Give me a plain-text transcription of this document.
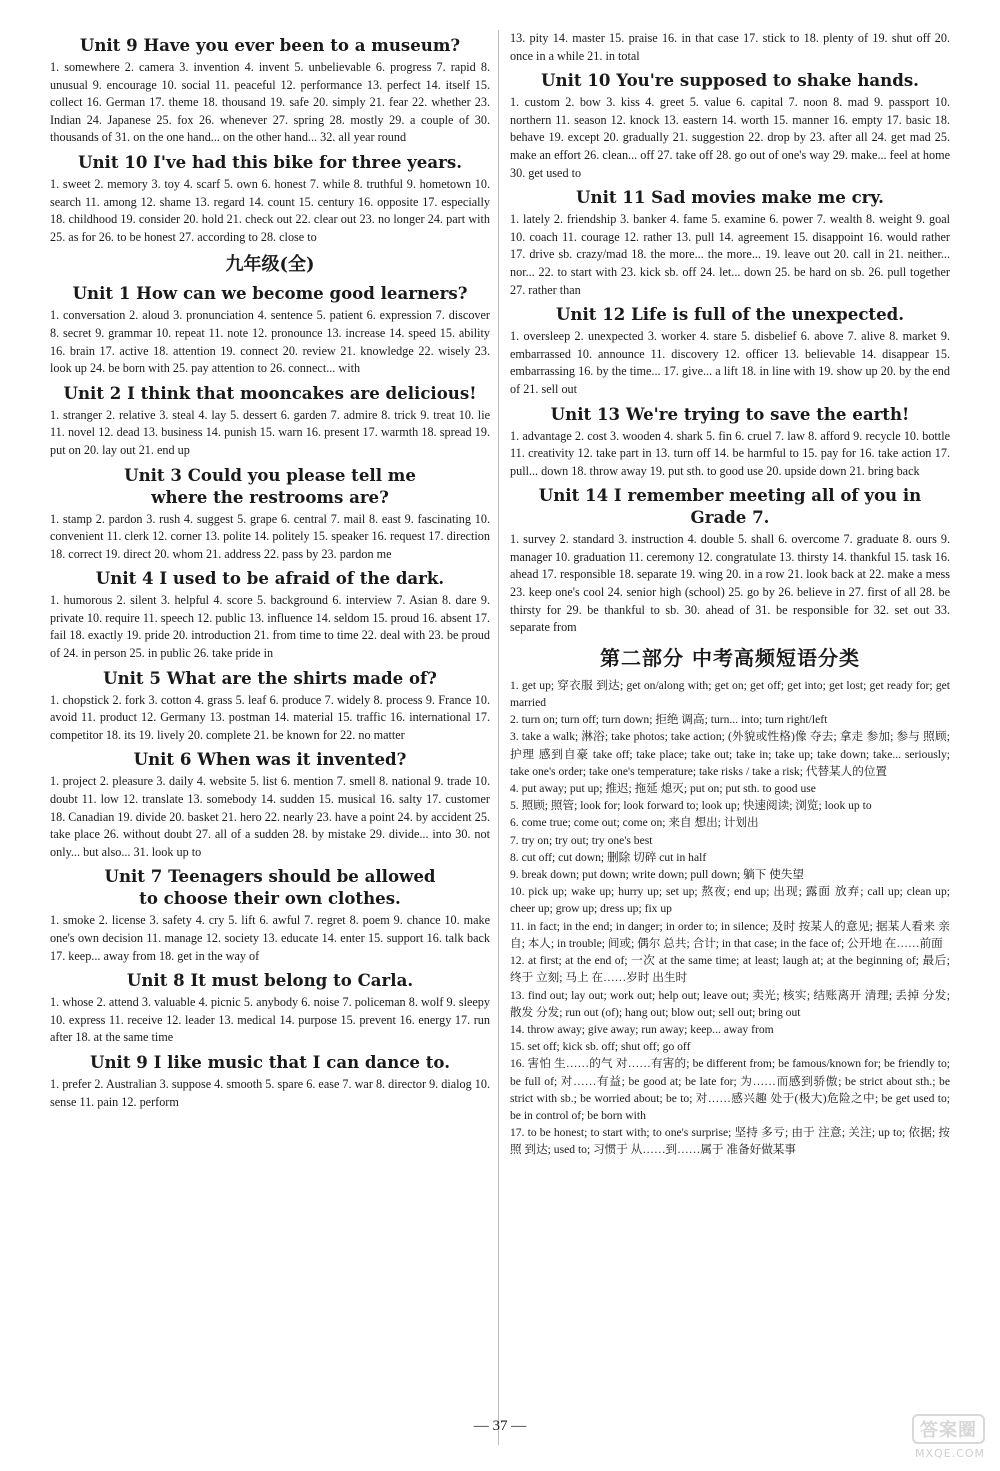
Unit 9 Have you ever been to a museum?

1. somewhere 2. camera 3. invention 4. invent 5. unbelievable 6. progress 7. rapid 8. unusual 9. encourage 10. social 11. peaceful 12. performance 13. perfect 14. itself 15. collect 16. German 17. theme 18. thousand 19. safe 20. simply 21. fear 22. whether 23. Indian 24. Japanese 25. fox 26. whenever 27. spring 28. mostly 29. a couple of 30. thousands of 31. on the one hand... on the other hand... 32. all year round

Unit 10 I've had this bike for three years.

1. sweet 2. memory 3. toy 4. scarf 5. own 6. honest 7. while 8. truthful 9. hometown 10. search 11. among 12. shame 13. regard 14. count 15. century 16. opposite 17. especially 18. childhood 19. consider 20. hold 21. check out 22. clear out 23. no longer 24. part with 25. as for 26. to be honest 27. according to 28. close to

九年级(全)
Unit 1 How can we become good learners?

1. conversation 2. aloud 3. pronunciation 4. sentence 5. patient 6. expression 7. discover 8. secret 9. grammar 10. repeat 11. note 12. pronounce 13. increase 14. speed 15. ability 16. brain 17. active 18. attention 19. connect 20. review 21. knowledge 22. wisely 23. look up 24. be born with 25. pay attention to 26. connect... with

Unit 2 I think that mooncakes are delicious!

1. stranger 2. relative 3. steal 4. lay 5. dessert 6. garden 7. admire 8. trick 9. treat 10. lie 11. novel 12. dead 13. business 14. punish 15. warn 16. present 17. warmth 18. spread 19. put on 20. lay out 21. end up

Unit 3 Could you please tell me
where the restrooms are?

1. stamp 2. pardon 3. rush 4. suggest 5. grape 6. central 7. mail 8. east 9. fascinating 10. convenient 11. clerk 12. corner 13. polite 14. politely 15. speaker 16. request 17. direction 18. correct 19. direct 20. whom 21. address 22. pass by 23. pardon me

Unit 4 I used to be afraid of the dark.

1. humorous 2. silent 3. helpful 4. score 5. background 6. interview 7. Asian 8. dare 9. private 10. require 11. speech 12. public 13. influence 14. seldom 15. proud 16. absent 17. fail 18. exactly 19. pride 20. introduction 21. from time to time 22. deal with 23. be proud of 24. in person 25. in public 26. take pride in

Unit 5 What are the shirts made of?

1. chopstick 2. fork 3. cotton 4. grass 5. leaf 6. produce 7. widely 8. process 9. France 10. avoid 11. product 12. Germany 13. postman 14. material 15. traffic 16. international 17. competitor 18. its 19. lively 20. complete 21. be known for 22. no matter

Unit 6 When was it invented?

1. project 2. pleasure 3. daily 4. website 5. list 6. mention 7. smell 8. national 9. trade 10. doubt 11. low 12. translate 13. somebody 14. sudden 15. musical 16. salty 17. customer 18. Canadian 19. divide 20. basket 21. hero 22. nearly 23. have a point 24. by accident 25. take place 26. without doubt 27. all of a sudden 28. by mistake 29. divide... into 30. not only... but also... 31. look up to

Unit 7 Teenagers should be allowed
to choose their own clothes.

1. smoke 2. license 3. safety 4. cry 5. lift 6. awful 7. regret 8. poem 9. chance 10. make one's own decision 11. manage 12. society 13. educate 14. enter 15. support 16. talk back 17. keep... away from 18. get in the way of

Unit 8 It must belong to Carla.

1. whose 2. attend 3. valuable 4. picnic 5. anybody 6. noise 7. policeman 8. wolf 9. sleepy 10. express 11. receive 12. leader 13. medical 14. purpose 15. prevent 16. energy 17. run after 18. at the same time

Unit 9 I like music that I can dance to.

1. prefer 2. Australian 3. suppose 4. smooth 5. spare 6. ease 7. war 8. director 9. dialog 10. sense 11. pain 12. perform

13. pity 14. master 15. praise 16. in that case 17. stick to 18. plenty of 19. shut off 20. once in a while 21. in total

Unit 10 You're supposed to shake hands.

1. custom 2. bow 3. kiss 4. greet 5. value 6. capital 7. noon 8. mad 9. passport 10. northern 11. season 12. knock 13. eastern 14. worth 15. manner 16. empty 17. basic 18. behave 19. except 20. gradually 21. suggestion 22. drop by 23. after all 24. get mad 25. make an effort 26. clean... off 27. take off 28. go out of one's way 29. make... feel at home 30. get used to

Unit 11 Sad movies make me cry.

1. lately 2. friendship 3. banker 4. fame 5. examine 6. power 7. wealth 8. weight 9. goal 10. coach 11. courage 12. rather 13. pull 14. agreement 15. disappoint 16. would rather 17. drive sb. crazy/mad 18. the more... the more... 19. leave out 20. call in 21. neither... nor... 22. to start with 23. kick sb. off 24. let... down 25. be hard on sb. 26. pull together 27. rather than

Unit 12 Life is full of the unexpected.

1. oversleep 2. unexpected 3. worker 4. stare 5. disbelief 6. above 7. alive 8. market 9. embarrassed 10. announce 11. discovery 12. officer 13. believable 14. disappear 15. embarrassing 16. by the time... 17. give... a lift 18. in line with 19. show up 20. by the end of 21. sell out

Unit 13 We're trying to save the earth!

1. advantage 2. cost 3. wooden 4. shark 5. fin 6. cruel 7. law 8. afford 9. recycle 10. bottle 11. creativity 12. take part in 13. turn off 14. be harmful to 15. pay for 16. take action 17. pull... down 18. throw away 19. put sth. to good use 20. upside down 21. bring back

Unit 14 I remember meeting all of you in Grade 7.

1. survey 2. standard 3. instruction 4. double 5. shall 6. overcome 7. graduate 8. ours 9. manager 10. graduation 11. ceremony 12. congratulate 13. thirsty 14. thankful 15. task 16. ahead 17. responsible 18. separate 19. wing 20. in a row 21. look back at 22. make a mess 23. keep one's cool 24. senior high (school) 25. go by 26. believe in 27. first of all 28. be thirsty for 29. be thankful to sb. 30. ahead of 31. be responsible for 32. set out 33. separate from

第二部分 中考高频短语分类

1. get up; 穿衣服 到达; get on/along with; get on; get off; get into; get lost; get ready for; get married

2. turn on; turn off; turn down; 拒绝 调高; turn... into; turn right/left

3. take a walk; 淋浴; take photos; take action; (外貌或性格)像 夺去; 拿走 参加; 参与 照顾; 护理 感到自豪 take off; take place; take out; take in; take up; take down; take... seriously; take one's order; take one's temperature; take risks / take a risk; 代替某人的位置

4. put away; put up; 推迟; 拖延 熄灭; put on; put sth. to good use

5. 照顾; 照管; look for; look forward to; look up; 快速阅读; 浏览; look up to

6. come true; come out; come on; 来自 想出; 计划出

7. try on; try out; try one's best

8. cut off; cut down; 删除 切碎 cut in half

9. break down; put down; write down; pull down; 躺下 使失望

10. pick up; wake up; hurry up; set up; 熬夜; end up; 出现; 露面 放弃; call up; clean up; cheer up; grow up; dress up; fix up

11. in fact; in the end; in danger; in order to; in silence; 及时 按某人的意见; 据某人看来 亲自; 本人; in trouble; 间或; 偶尔 总共; 合计; in that case; in the face of; 公开地 在……前面

12. at first; at the end of; 一次 at the same time; at least; laugh at; at the beginning of; 最后; 终于 立刻; 马上 在……岁时 出生时

13. find out; lay out; work out; help out; leave out; 卖光; 核实; 结账离开 清理; 丢掉 分发; 散发 分发; run out (of); hang out; blow out; sell out; bring out

14. throw away; give away; run away; keep... away from

15. set off; kick sb. off; shut off; go off

16. 害怕 生……的气 对……有害的; be different from; be famous/known for; be friendly to; be full of; 对……有益; be good at; be late for; 为……而感到骄傲; be strict about sth.; be strict with sb.; be worried about; be to; 对……感兴趣 处于(极大)危险之中; be get used to; be in control of; be born with

17. to be honest; to start with; to one's surprise; 坚持 多亏; 由于 注意; 关注; up to; 依据; 按照 到达; used to; 习惯于 从……到……属于 准备好做某事

— 37 —	答案圈
MXQE.COM
